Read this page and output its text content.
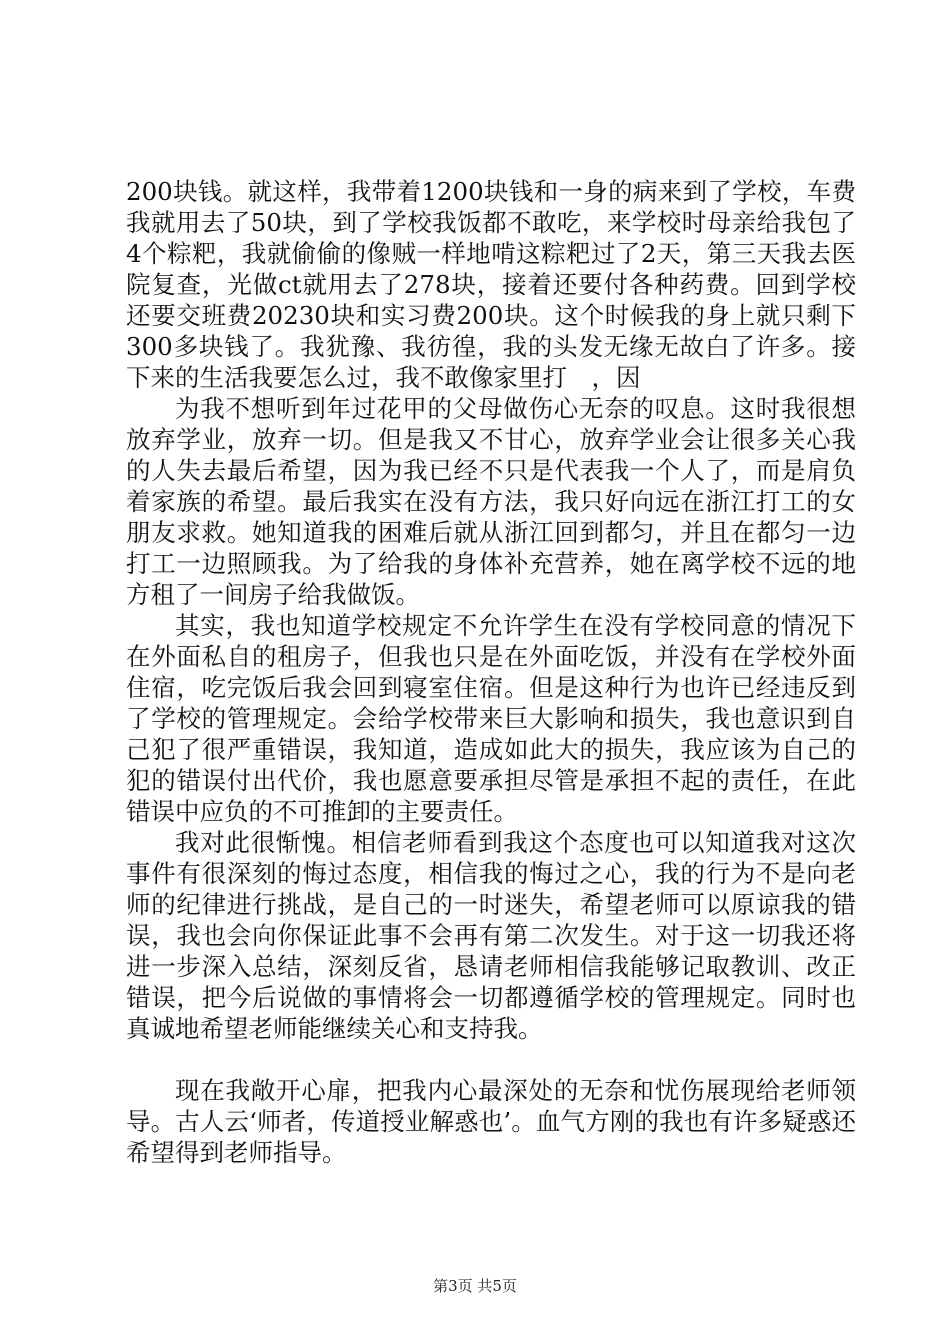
200块钱。就这样，我带着1200块钱和一身的病来到了学校，车费我就用去了50块，到了学校我饭都不敢吃，来学校时母亲给我包了4个粽粑，我就偷偷的像贼一样地啃这粽粑过了2天，第三天我去医院复查，光做ct就用去了278块，接着还要付各种药费。回到学校还要交班费20230块和实习费200块。这个时候我的身上就只剩下300多块钱了。我犹豫、我彷徨，我的头发无缘无故白了许多。接下来的生活我要怎么过，我不敢像家里打　，因

为我不想听到年过花甲的父母做伤心无奈的叹息。这时我很想放弃学业，放弃一切。但是我又不甘心，放弃学业会让很多关心我的人失去最后希望，因为我已经不只是代表我一个人了，而是肩负着家族的希望。最后我实在没有方法，我只好向远在浙江打工的女朋友求救。她知道我的困难后就从浙江回到都匀，并且在都匀一边打工一边照顾我。为了给我的身体补充营养，她在离学校不远的地方租了一间房子给我做饭。

其实，我也知道学校规定不允许学生在没有学校同意的情况下在外面私自的租房子，但我也只是在外面吃饭，并没有在学校外面住宿，吃完饭后我会回到寝室住宿。但是这种行为也许已经违反到了学校的管理规定。会给学校带来巨大影响和损失，我也意识到自己犯了很严重错误，我知道，造成如此大的损失，我应该为自己的犯的错误付出代价，我也愿意要承担尽管是承担不起的责任，在此错误中应负的不可推卸的主要责任。

我对此很惭愧。相信老师看到我这个态度也可以知道我对这次事件有很深刻的悔过态度，相信我的悔过之心，我的行为不是向老师的纪律进行挑战，是自己的一时迷失，希望老师可以原谅我的错误，我也会向你保证此事不会再有第二次发生。对于这一切我还将进一步深入总结，深刻反省，恳请老师相信我能够记取教训、改正错误，把今后说做的事情将会一切都遵循学校的管理规定。同时也真诚地希望老师能继续关心和支持我。

现在我敞开心扉，把我内心最深处的无奈和忧伤展现给老师领导。古人云‘师者，传道授业解惑也’。血气方刚的我也有许多疑惑还希望得到老师指导。

第3页 共5页
